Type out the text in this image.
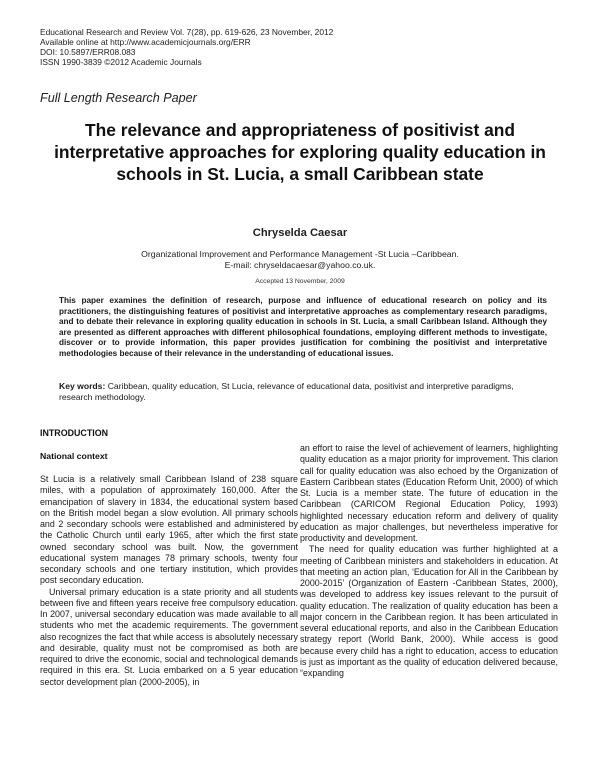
Educational Research and Review Vol. 7(28), pp. 619-626, 23 November, 2012
Available online at http://www.academicjournals.org/ERR
DOI: 10.5897/ERR08.083
ISSN 1990-3839 ©2012 Academic Journals
Full Length Research Paper
The relevance and appropriateness of positivist and interpretative approaches for exploring quality education in schools in St. Lucia, a small Caribbean state
Chryselda Caesar
Organizational Improvement and Performance Management -St Lucia –Caribbean.
E-mail: chryseldacaesar@yahoo.co.uk.
Accepted 13 November, 2009
This paper examines the definition of research, purpose and influence of educational research on policy and its practitioners, the distinguishing features of positivist and interpretative approaches as complementary research paradigms, and to debate their relevance in exploring quality education in schools in St. Lucia, a small Caribbean Island. Although they are presented as different approaches with different philosophical foundations, employing different methods to investigate, discover or to provide information, this paper provides justification for combining the positivist and interpretative methodologies because of their relevance in the understanding of educational issues.
Key words: Caribbean, quality education, St Lucia, relevance of educational data, positivist and interpretive paradigms, research methodology.
INTRODUCTION
National context

St Lucia is a relatively small Caribbean Island of 238 square miles, with a population of approximately 160,000. After the emancipation of slavery in 1834, the educational system based on the British model began a slow evolution. All primary schools and 2 secondary schools were established and administered by the Catholic Church until early 1965, after which the first state owned secondary school was built. Now, the government educational system manages 78 primary schools, twenty four secondary schools and one tertiary institution, which provides post secondary education.

Universal primary education is a state priority and all students between five and fifteen years receive free compulsory education. In 2007, universal secondary education was made available to all students who met the academic requirements. The government also recognizes the fact that while access is absolutely necessary and desirable, quality must not be compromised as both are required to drive the economic, social and technological demands required in this era. St. Lucia embarked on a 5 year education sector development plan (2000-2005), in

an effort to raise the level of achievement of learners, highlighting quality education as a major priority for improvement. This clarion call for quality education was also echoed by the Organization of Eastern Caribbean states (Education Reform Unit, 2000) of which St. Lucia is a member state. The future of education in the Caribbean (CARICOM Regional Education Policy, 1993) highlighted necessary education reform and delivery of quality education as major challenges, but nevertheless imperative for productivity and development.

The need for quality education was further highlighted at a meeting of Caribbean ministers and stakeholders in education. At that meeting an action plan, ‘Education for All in the Caribbean by 2000-2015’ (Organization of Eastern -Caribbean States, 2000), was developed to address key issues relevant to the pursuit of quality education. The realization of quality education has been a major concern in the Caribbean region. It has been articulated in several educational reports, and also in the Caribbean Education strategy report (World Bank, 2000). While access is good because every child has a right to education, access to education is just as important as the quality of education delivered because, “expanding
